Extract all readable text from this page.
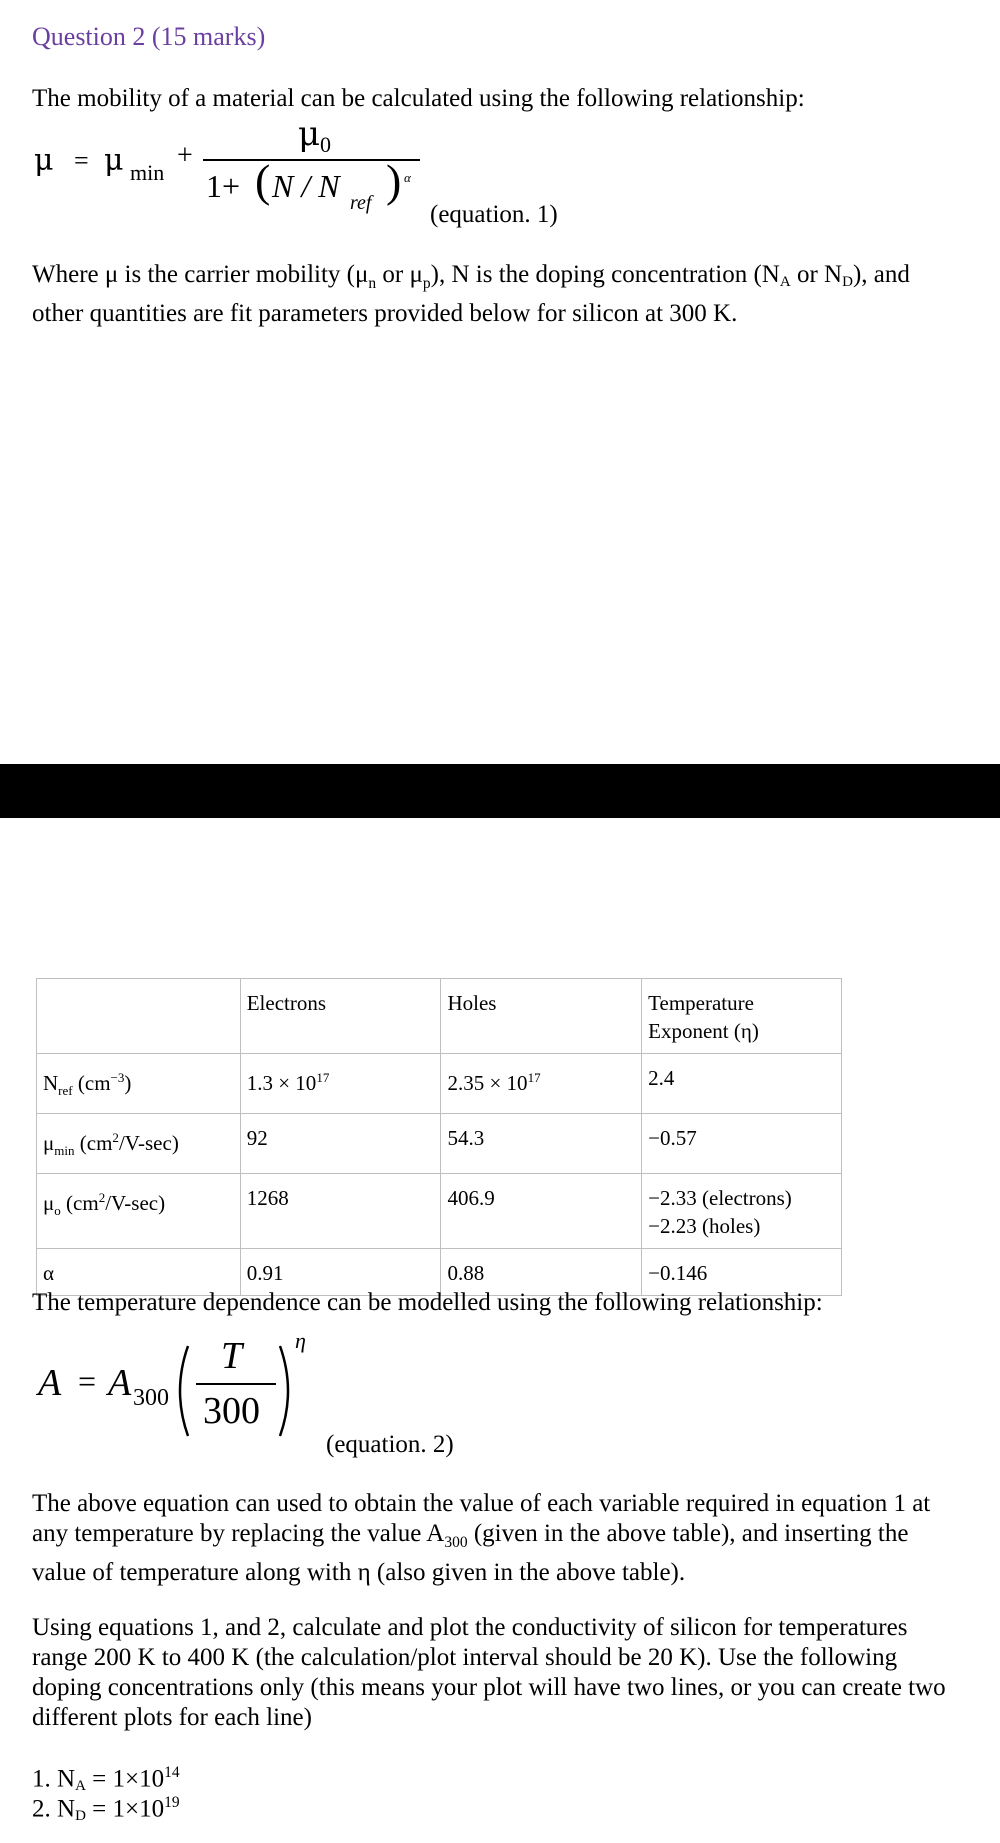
Question 2 (15 marks)
The mobility of a material can be calculated using the following relationship:
μ = μ min
+
μ 0
1+ ( N / N ref ) α
(equation. 1)
Where μ is the carrier mobility ($\mu_n$ or $\mu_p$), N is the doping concentration (NA or ND), and
other quantities are fit parameters provided below for silicon at 300 K.
	Electrons	Holes	Temperature
Exponent (η)

$N_{ref}$ $(cm^{-3})$	$1.3 \times 10^{17}$	$2.35 \times 10^{17}$	2.4
$\mu_{min}$ $(cm^2/V-\sec)$	92	54.3	−0.57
$\mu_o$ $(cm^2/V-\sec)$	1268	406.9	−2.33 (electrons)
−2.23 (holes)

α	0.91	0.88	−0.146
The temperature dependence can be modelled using the following relationship:
A = A 300
T
300
η
(equation. 2)
The above equation can used to obtain the value of each variable required in equation 1 at
any temperature by replacing the value $A_{300}$ (given in the above table), and inserting the
value of temperature along with η (also given in the above table).
Using equations 1, and 2, calculate and plot the conductivity of silicon for temperatures
range 200 K to 400 K (the calculation/plot interval should be 20 K). Use the following
doping concentrations only (this means your plot will have two lines, or you can create two
different plots for each line)
1. NA = $1\times 10^{14}$
2. ND = $1\times 10^{19}$
